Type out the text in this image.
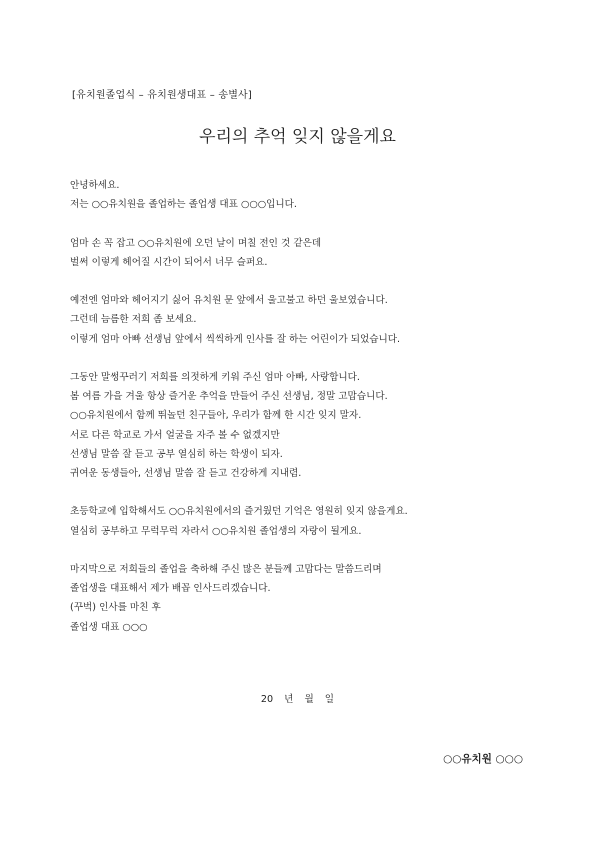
[유치원졸업식 – 유치원생대표 – 송별사]
우리의 추억 잊지 않을게요
안녕하세요.
저는 ○○유치원을 졸업하는 졸업생 대표 ○○○입니다.
엄마 손 꼭 잡고 ○○유치원에 오던 날이 며칠 전인 것 같은데
벌써 이렇게 헤어질 시간이 되어서 너무 슬퍼요.
예전엔 엄마와 헤어지기 싫어 유치원 문 앞에서 울고불고 하던 울보였습니다.
그런데 늠름한 저희 좀 보세요.
이렇게 엄마 아빠 선생님 앞에서 씩씩하게 인사를 잘 하는 어린이가 되었습니다.
그동안 말썽꾸러기 저희를 의젓하게 키워 주신 엄마 아빠, 사랑합니다.
봄 여름 가을 겨울 항상 즐거운 추억을 만들어 주신 선생님, 정말 고맙습니다.
○○유치원에서 함께 뛰놀던 친구들아, 우리가 함께 한 시간 잊지 말자.
서로 다른 학교로 가서 얼굴을 자주 볼 수 없겠지만
선생님 말씀 잘 듣고 공부 열심히 하는 학생이 되자.
귀여운 동생들아, 선생님 말씀 잘 듣고 건강하게 지내렴.
초등학교에 입학해서도 ○○유치원에서의 즐거웠던 기억은 영원히 잊지 않을게요.
열심히 공부하고 무럭무럭 자라서 ○○유치원 졸업생의 자랑이 될게요.
마지막으로 저희들의 졸업을 축하해 주신 많은 분들께 고맙다는 말씀드리며
졸업생을 대표해서 제가 배꼽 인사드리겠습니다.
(꾸벅) 인사를 마친 후
졸업생 대표 ○○○
20 년 월 일
○○유치원 ○○○
